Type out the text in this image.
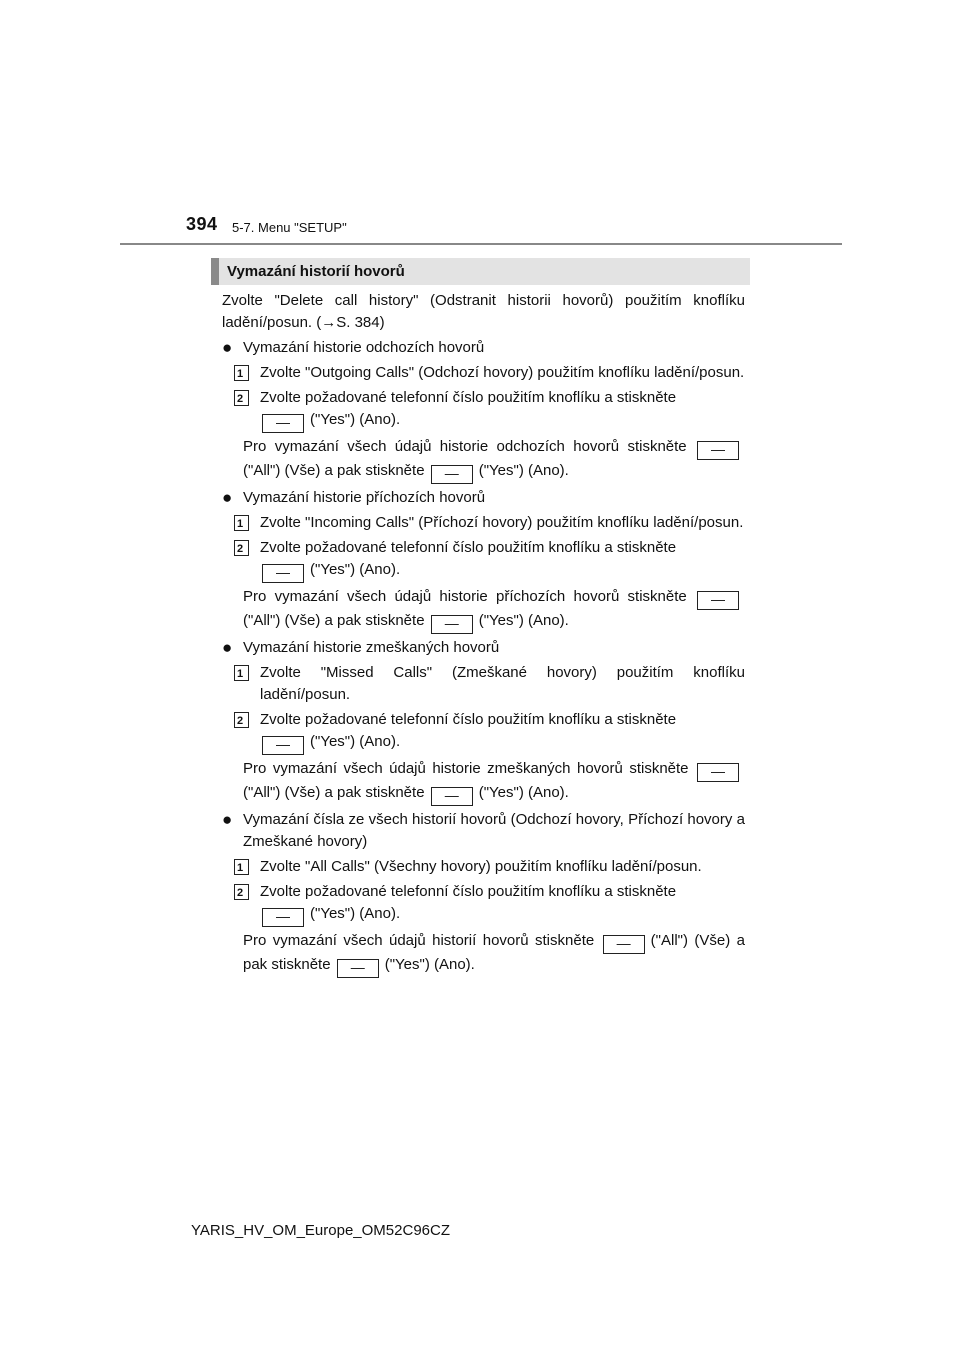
394 5-7. Menu "SETUP"
Vymazání historií hovorů
Zvolte "Delete call history" (Odstranit historii hovorů) použitím knoflíku ladění/posun. (→S. 384)
● Vymazání historie odchozích hovorů
1	Zvolte "Outgoing Calls" (Odchozí hovory) použitím knoflíku ladění/posun.
2	Zvolte požadované telefonní číslo použitím knoflíku a stiskněte
— ("Yes") (Ano).
Pro vymazání všech údajů historie odchozích hovorů stiskněte —("All") (Vše) a pak stiskněte — ("Yes") (Ano).
● Vymazání historie příchozích hovorů
1	Zvolte "Incoming Calls" (Příchozí hovory) použitím knoflíku ladění/posun.
2	Zvolte požadované telefonní číslo použitím knoflíku a stiskněte
— ("Yes") (Ano).
Pro vymazání všech údajů historie příchozích hovorů stiskněte —("All") (Vše) a pak stiskněte — ("Yes") (Ano).
● Vymazání historie zmeškaných hovorů
1	Zvolte "Missed Calls" (Zmeškané hovory) použitím knoflíku ladění/posun.
2	Zvolte požadované telefonní číslo použitím knoflíku a stiskněte
— ("Yes") (Ano).
Pro vymazání všech údajů historie zmeškaných hovorů stiskněte —("All") (Vše) a pak stiskněte — ("Yes") (Ano).
● Vymazání čísla ze všech historií hovorů (Odchozí hovory, Příchozí hovory a Zmeškané hovory)
1	Zvolte "All Calls" (Všechny hovory) použitím knoflíku ladění/posun.
2	Zvolte požadované telefonní číslo použitím knoflíku a stiskněte
— ("Yes") (Ano).
Pro vymazání všech údajů historií hovorů stiskněte — ("All") (Vše) a pak stiskněte — ("Yes") (Ano).
YARIS_HV_OM_Europe_OM52C96CZ
